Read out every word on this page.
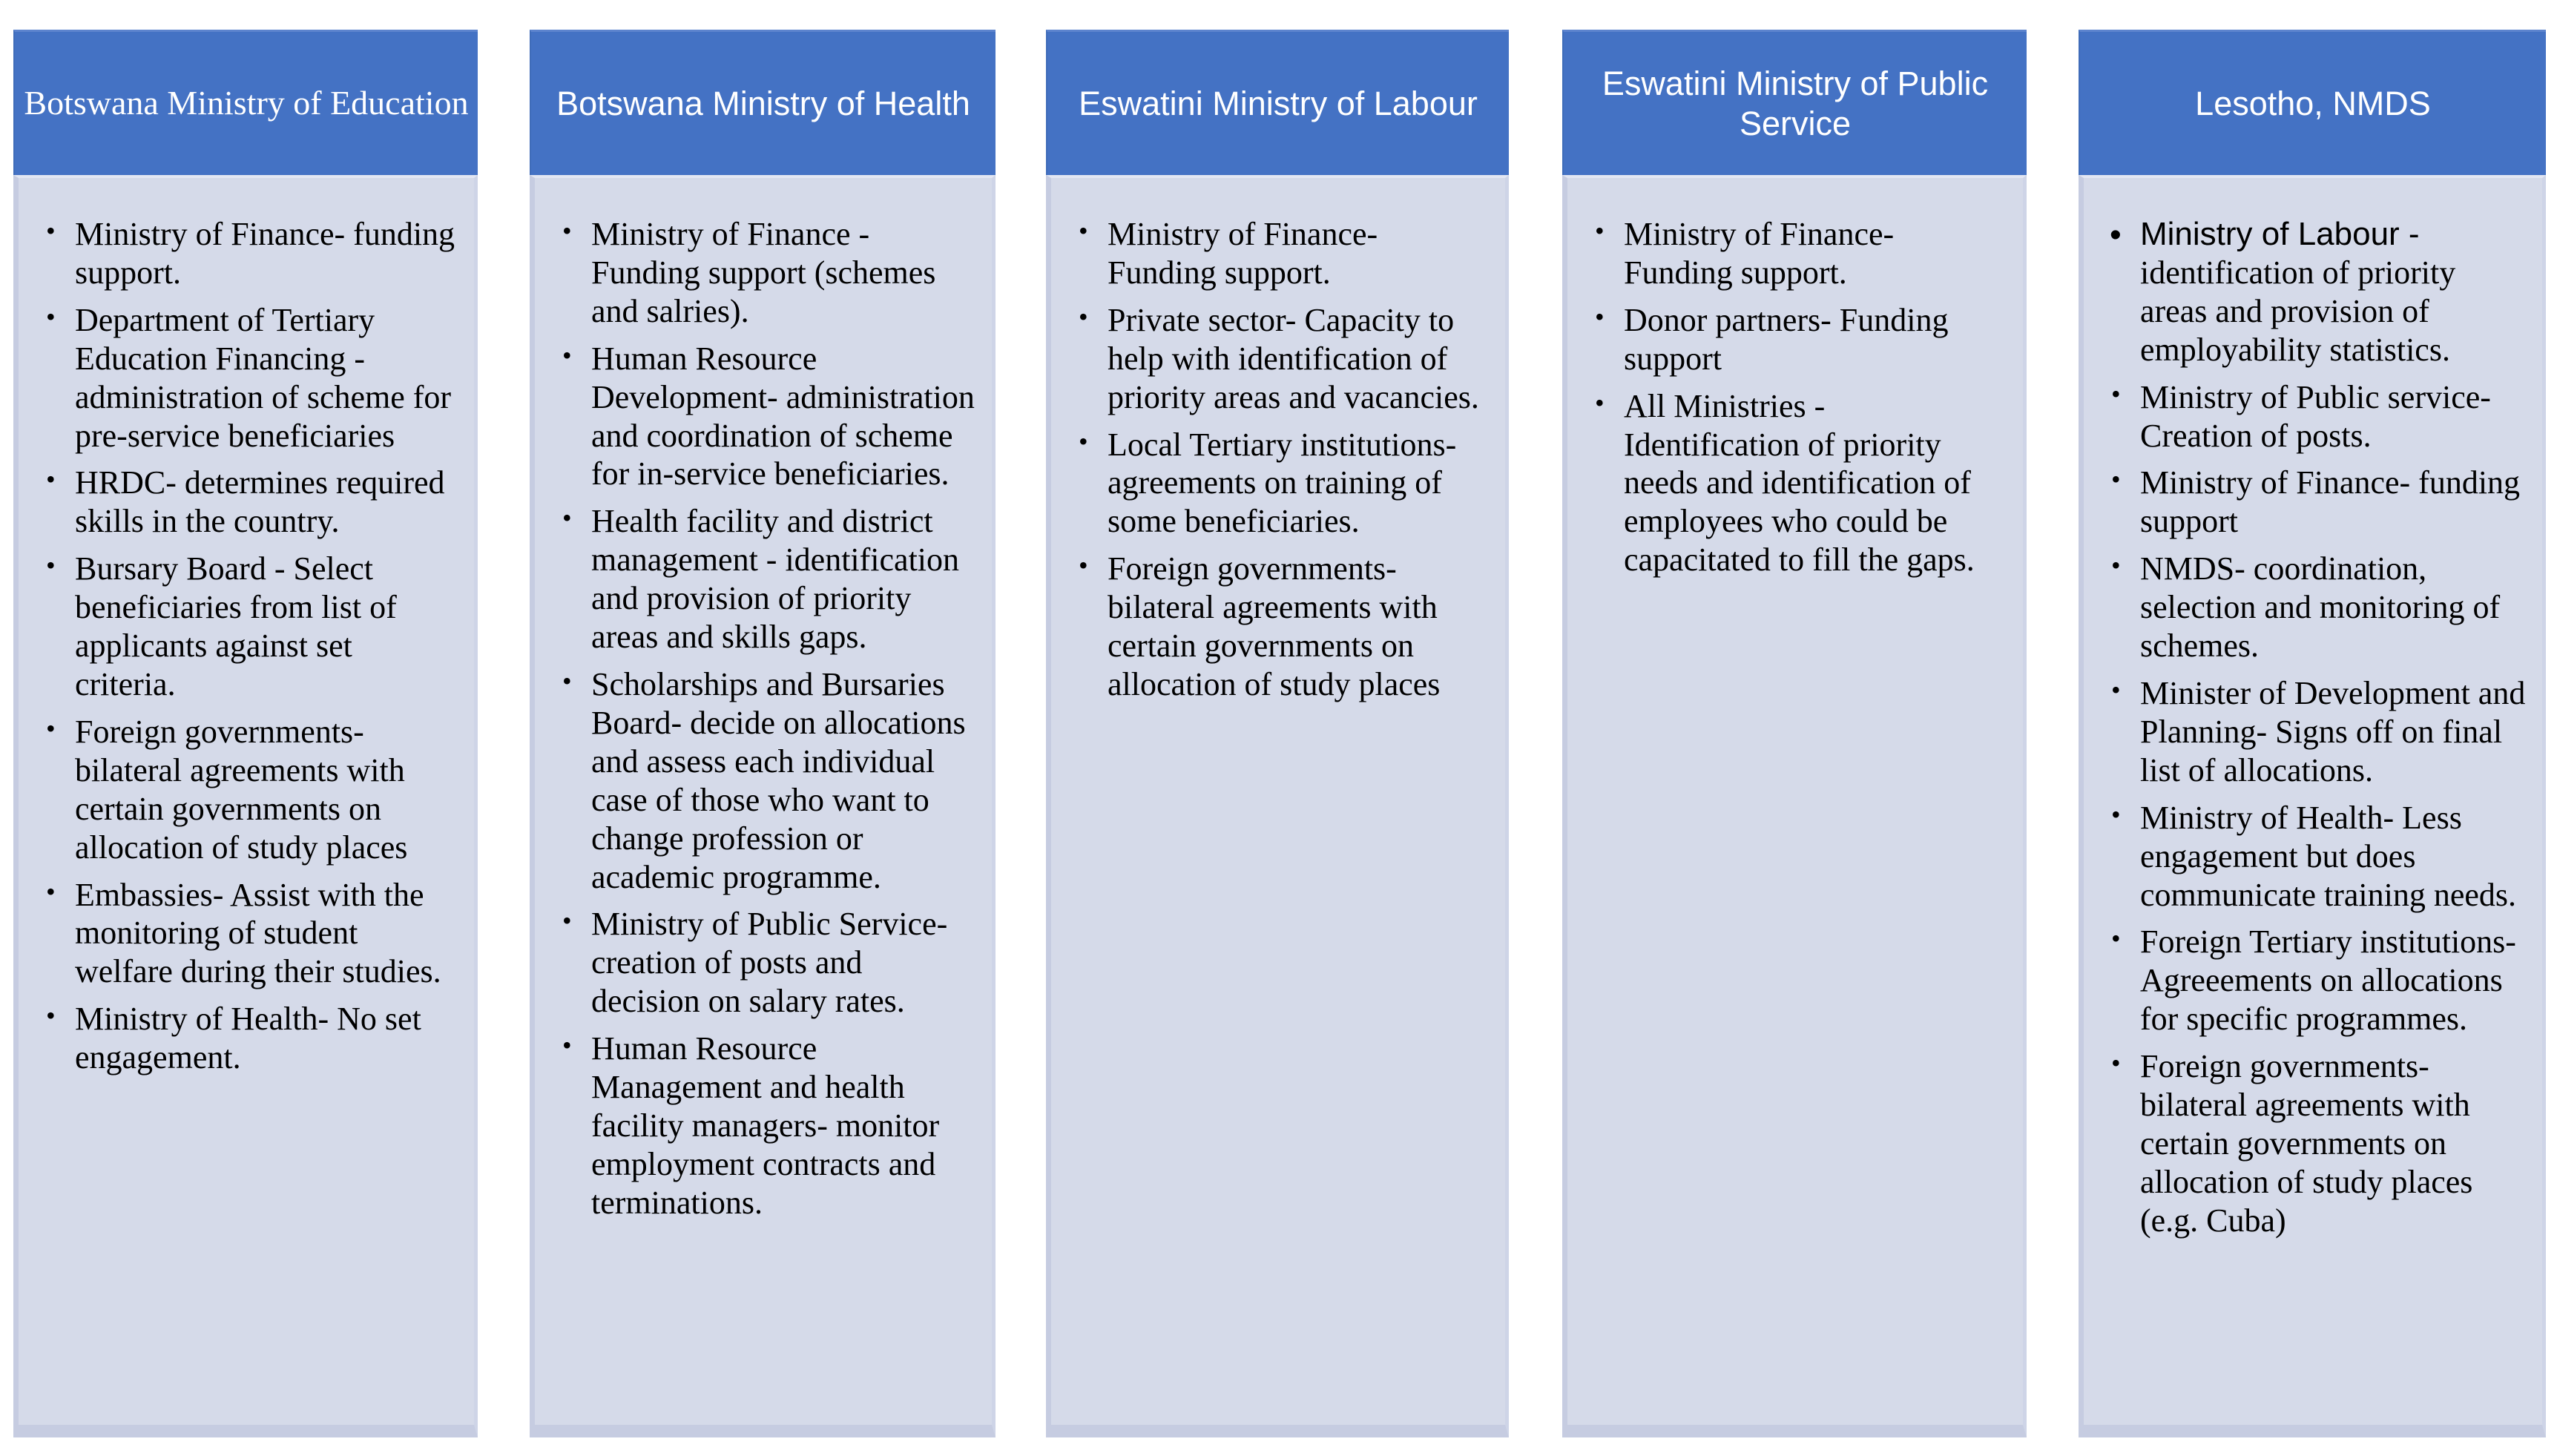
Botswana Ministry of Education
• Ministry of Finance- funding support.
• Department of Tertiary Education Financing - administration of scheme for pre-service beneficiaries
• HRDC- determines required skills in the country.
• Bursary Board - Select beneficiaries from list of applicants against set criteria.
• Foreign governments- bilateral agreements with certain governments on allocation of study places
• Embassies- Assist with the monitoring of student welfare during their studies.
• Ministry of Health- No set engagement.
Botswana Ministry of Health
• Ministry of Finance - Funding support (schemes and salries).
• Human Resource Development- administration and coordination of scheme for in-service beneficiaries.
• Health facility and district management - identification and provision of priority areas and skills gaps.
• Scholarships and Bursaries Board- decide on allocations and assess each individual case of those who want to change profession or academic programme.
• Ministry of Public Service- creation of posts and decision on salary rates.
• Human Resource Management and health facility managers- monitor employment contracts and terminations.
Eswatini Ministry of Labour
• Ministry of Finance- Funding support.
• Private sector- Capacity to help with identification of priority areas and vacancies.
• Local Tertiary institutions- agreements on training of some beneficiaries.
• Foreign governments- bilateral agreements with certain governments on allocation of study places
Eswatini Ministry of Public Service
• Ministry of Finance- Funding support.
• Donor partners- Funding support
• All Ministries - Identification of priority needs and identification of employees who could be capacitated to fill the gaps.
Lesotho, NMDS
• Ministry of Labour - identification of priority areas and provision of employability statistics.
• Ministry of Public service- Creation of posts.
• Ministry of Finance- funding support
• NMDS- coordination, selection and monitoring of schemes.
• Minister of Development and Planning- Signs off on final list of allocations.
• Ministry of Health- Less engagement but does communicate training needs.
• Foreign Tertiary institutions- Agreeements on allocations for specific programmes.
• Foreign governments- bilateral agreements with certain governments on allocation of study places (e.g. Cuba)
